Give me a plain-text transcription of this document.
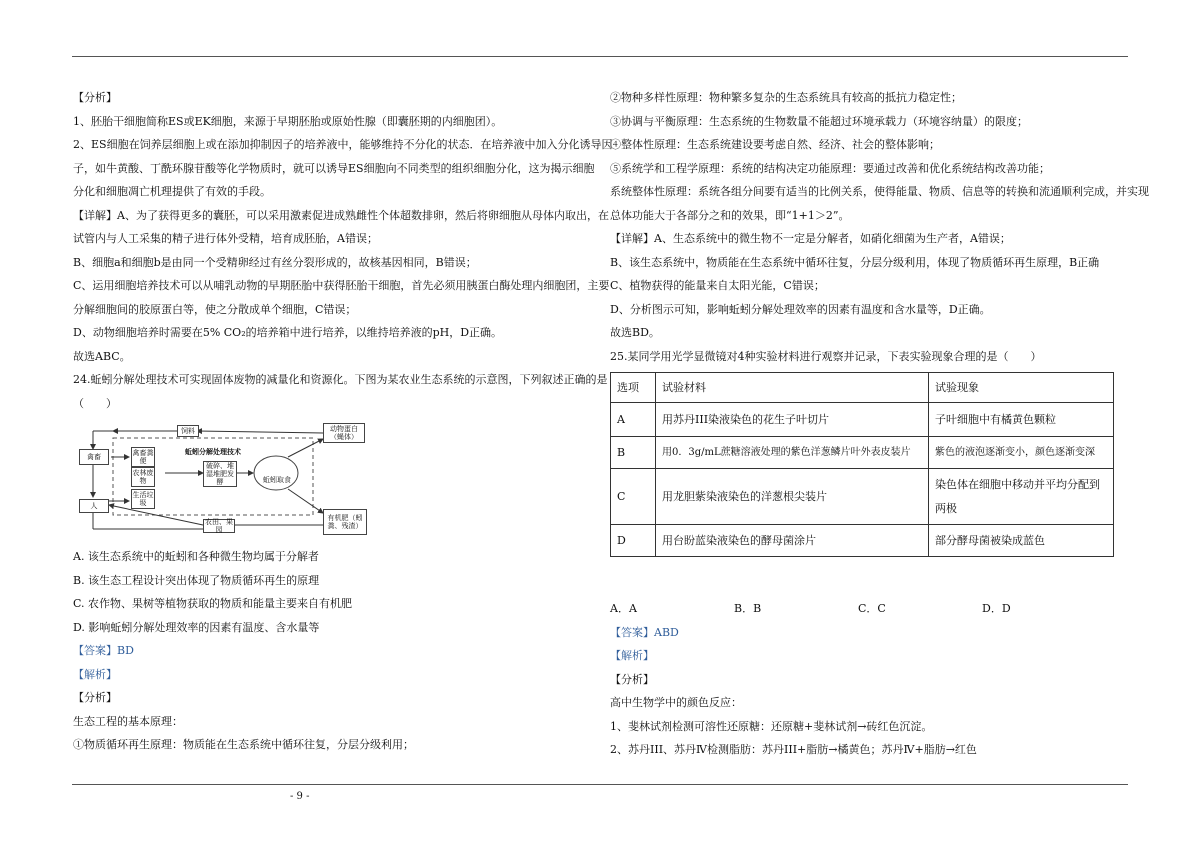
【分析】

1、胚胎干细胞简称ES或EK细胞，来源于早期胚胎或原始性腺（即囊胚期的内细胞团）。

2、ES细胞在饲养层细胞上或在添加抑制因子的培养液中，能够维持不分化的状态．在培养液中加入分化诱导因

子，如牛黄酸、丁酰环腺苷酸等化学物质时，就可以诱导ES细胞向不同类型的组织细胞分化，这为揭示细胞

分化和细胞凋亡机理提供了有效的手段。

【详解】A、为了获得更多的囊胚，可以采用激素促进成熟雌性个体超数排卵，然后将卵细胞从母体内取出，在

试管内与人工采集的精子进行体外受精，培育成胚胎，A错误；

B、细胞a和细胞b是由同一个受精卵经过有丝分裂形成的，故核基因相同，B错误；

C、运用细胞培养技术可以从哺乳动物的早期胚胎中获得胚胎干细胞，首先必须用胰蛋白酶处理内细胞团，主要

分解细胞间的胶原蛋白等，使之分散成单个细胞，C错误；

D、动物细胞培养时需要在5% CO₂的培养箱中进行培养，以维持培养液的pH，D正确。

故选ABC。

24.蚯蚓分解处理技术可实现固体废物的减量化和资源化。下图为某农业生态系统的示意图，下列叙述正确的是

（　　）

饲料	动物蛋白（蝇体）
蚯蚓分解处理技术
禽畜	禽畜粪便
农林废物
生活垃圾
破碎、堆湿堆肥发酵	蚯蚓取食
人
农田、果园
有机肥（蚓粪、残渣）

A. 该生态系统中的蚯蚓和各种微生物均属于分解者

B. 该生态工程设计突出体现了物质循环再生的原理

C. 农作物、果树等植物获取的物质和能量主要来自有机肥

D. 影响蚯蚓分解处理效率的因素有温度、含水量等

【答案】BD

【解析】

【分析】

生态工程的基本原理：

①物质循环再生原理：物质能在生态系统中循环往复，分层分级利用；

②物种多样性原理：物种繁多复杂的生态系统具有较高的抵抗力稳定性；

③协调与平衡原理：生态系统的生物数量不能超过环境承载力（环境容纳量）的限度；

④整体性原理：生态系统建设要考虑自然、经济、社会的整体影响；

⑤系统学和工程学原理：系统的结构决定功能原理：要通过改善和优化系统结构改善功能；

系统整体性原理：系统各组分间要有适当的比例关系，使得能量、物质、信息等的转换和流通顺利完成，并实现

总体功能大于各部分之和的效果，即“1+1＞2”。

【详解】A、生态系统中的微生物不一定是分解者，如硝化细菌为生产者，A错误；

B、该生态系统中，物质能在生态系统中循环往复，分层分级利用，体现了物质循环再生原理，B正确

C、植物获得的能量来自太阳光能，C错误；

D、分析图示可知，影响蚯蚓分解处理效率的因素有温度和含水量等，D正确。

故选BD。

25.某同学用光学显微镜对4种实验材料进行观察并记录，下表实验现象合理的是（　　）

选项	试验材料	试验现象
A	用苏丹III染液染色的花生子叶切片	子叶细胞中有橘黄色颗粒
B	用0．3g/mL蔗糖溶液处理的紫色洋葱鳞片叶外表皮装片	紫色的液泡逐渐变小，颜色逐渐变深
C	用龙胆紫染液染色的洋葱根尖装片	染色体在细胞中移动并平均分配到两极
D	用台盼蓝染液染色的酵母菌涂片	部分酵母菌被染成蓝色
A．A	B．B	C．C	D．D

【答案】ABD

【解析】

【分析】

高中生物学中的颜色反应：

1、斐林试剂检测可溶性还原糖：还原糖+斐林试剂→砖红色沉淀。

2、苏丹III、苏丹Ⅳ检测脂肪：苏丹III+脂肪→橘黄色；苏丹Ⅳ+脂肪→红色

- 9 -
